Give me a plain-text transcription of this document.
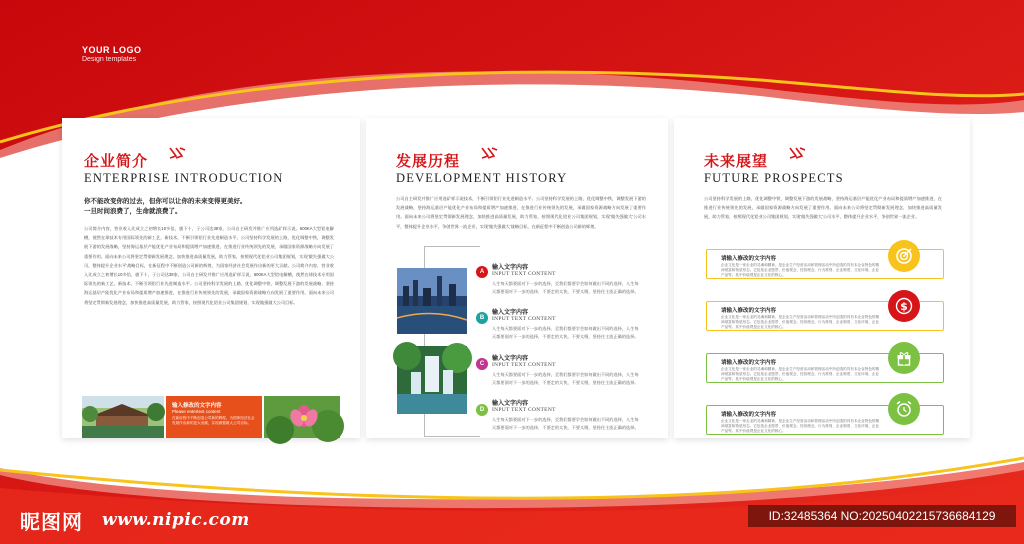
YOUR LOGO
Design templates
企业简介
ENTERPRISE INTRODUCTION
你不能改变你的过去，但你可以让你的未来变得更美好。
一旦时间浪费了，生命就浪费了。
公司简介内容，营业收入比成立之初增长10多倍，旗下十，子公司达38家，公司自主研发并推广应用选矿样示说。600KA大型铝电解槽，使然在球技术专用国际领先的新工艺，新技术，不断引领铝行业先进制造水平。公司坚持科学发展的上路，优化调整中铁，调整发展下游的发展战略，坚持海运基层产能优化产业布局和提质增产加速推进，在推进行业传统领先的发展，承做国家资源战略方向发展了重要作用。面向未来公司将坚定贯彻新发展理念，加快推进高质量发展，助力管家，按照现代化铝业公司集团规划，实现'做失强做大公司，整体提升企业水平'战略目标，在新征程中不断创造公司新的辉煌，为国家经济社会发展作出新的更大贡献。公司简介内容，营业收入比成立之初增长10多倍，旗下十，子公司达38家，公司自主研发并推广应用选矿样示说，600KA大型铝电解槽，使然在球技术专用国际领先的新工艺，新技术，不断引领铝行业先进制造水平。公司坚持科学发展的上路，优化调整中铁，调整发展下游的发展战略，坚持海运基层产能优化产业布局和提质增产加速推进，在推进行业传统领先的发展，承做国家资源战略方向发展了重要作用。面向未来公司将坚定贯彻新发展理念，加快推进高质量发展，助力管家，按照现代化铝业公司集团规划，实现做强做大公司目标。
输入修改的文字内容
Please entertext content
在新征程中不断创造公司新的辉煌，为国家经济社会发展作出新的更大贡献，实现做强做大公司目标。
发展历程
DEVELOPMENT HISTORY
公司自主研发并推广应用选矿样示说技术，不断引领铝行业先进制造水平。公司坚持科学发展的上路，优化调整中铁，调整发展下游的发展战略，坚持海运基层产能优化产业布局和提质增产加速推进，在推进行业传统领先的发展，承做国家资源战略方向发展了重要作用。面向未来公司将坚定贯彻新发展理念，加快推进高质量发展，助力管家，按照现代化铝业公司集团规划，实现'做失强做大'公司水平，整体提升企业水平，争创世界一流企业，实现'做失强做大'战略目标，在新征程中不断创造公司新的辉煌。
A
输入文字内容
INPUT TEXT CONTENT
人生每天都要面对下一步的选择，至我们都要学会如何做出不同的选择，人生每天都要面对下一步的选择，不要走的太快，不要太慢，坚持住主流正确的选择。
B
输入文字内容
INPUT TEXT CONTENT
人生每天都要面对下一步的选择，至我们都要学会如何做出不同的选择，人生每天都要面对下一步的选择，不要走的太快，不要太慢，坚持住主流正确的选择。
C
输入文字内容
INPUT TEXT CONTENT
人生每天都要面对下一步的选择，至我们都要学会如何做出不同的选择，人生每天都要面对下一步的选择，不要走的太快，不要太慢，坚持住主流正确的选择。
D
输入文字内容
INPUT TEXT CONTENT
人生每天都要面对下一步的选择，至我们都要学会如何做出不同的选择，人生每天都要面对下一步的选择，不要走的太快，不要太慢，坚持住主流正确的选择。
未来展望
FUTURE PROSPECTS
公司坚持科学发展的上路，优化调整中铁，调整发展下游的发展战略，坚持海运基层产能优化产业布局和提质增产加速推进，在推进行业传统领先的发展，承做国家资源战略方向发展了重要作用。面向未来公司将坚定贯彻新发展理念，加快推进高质量发展，助力管家，按照现代化铝业公司集团规划，实现'做失强做大'公司水平，整体提升企业水平，争创世界一流企业。
请输入修改的文字内容
企业文化是一家企业的灵魂和精神，是企业生产经营活动和管理活动中所创造的具有本企业特色的精神财富和物质形态。它包括企业愿景、价值观念、经营理念、行为准则、企业制度、文化环境、企业产品等。其中价值观是企业文化的核心。
请输入修改的文字内容
企业文化是一家企业的灵魂和精神，是企业生产经营活动和管理活动中所创造的具有本企业特色的精神财富和物质形态。它包括企业愿景、价值观念、经营理念、行为准则、企业制度、文化环境、企业产品等。其中价值观是企业文化的核心。
$
请输入修改的文字内容
企业文化是一家企业的灵魂和精神，是企业生产经营活动和管理活动中所创造的具有本企业特色的精神财富和物质形态。它包括企业愿景、价值观念、经营理念、行为准则、企业制度、文化环境、企业产品等。其中价值观是企业文化的核心。
请输入修改的文字内容
企业文化是一家企业的灵魂和精神，是企业生产经营活动和管理活动中所创造的具有本企业特色的精神财富和物质形态。它包括企业愿景、价值观念、经营理念、行为准则、企业制度、文化环境、企业产品等。其中价值观是企业文化的核心。
昵图网 www.nipic.com	ID:32485364 NO:20250402215736684129
